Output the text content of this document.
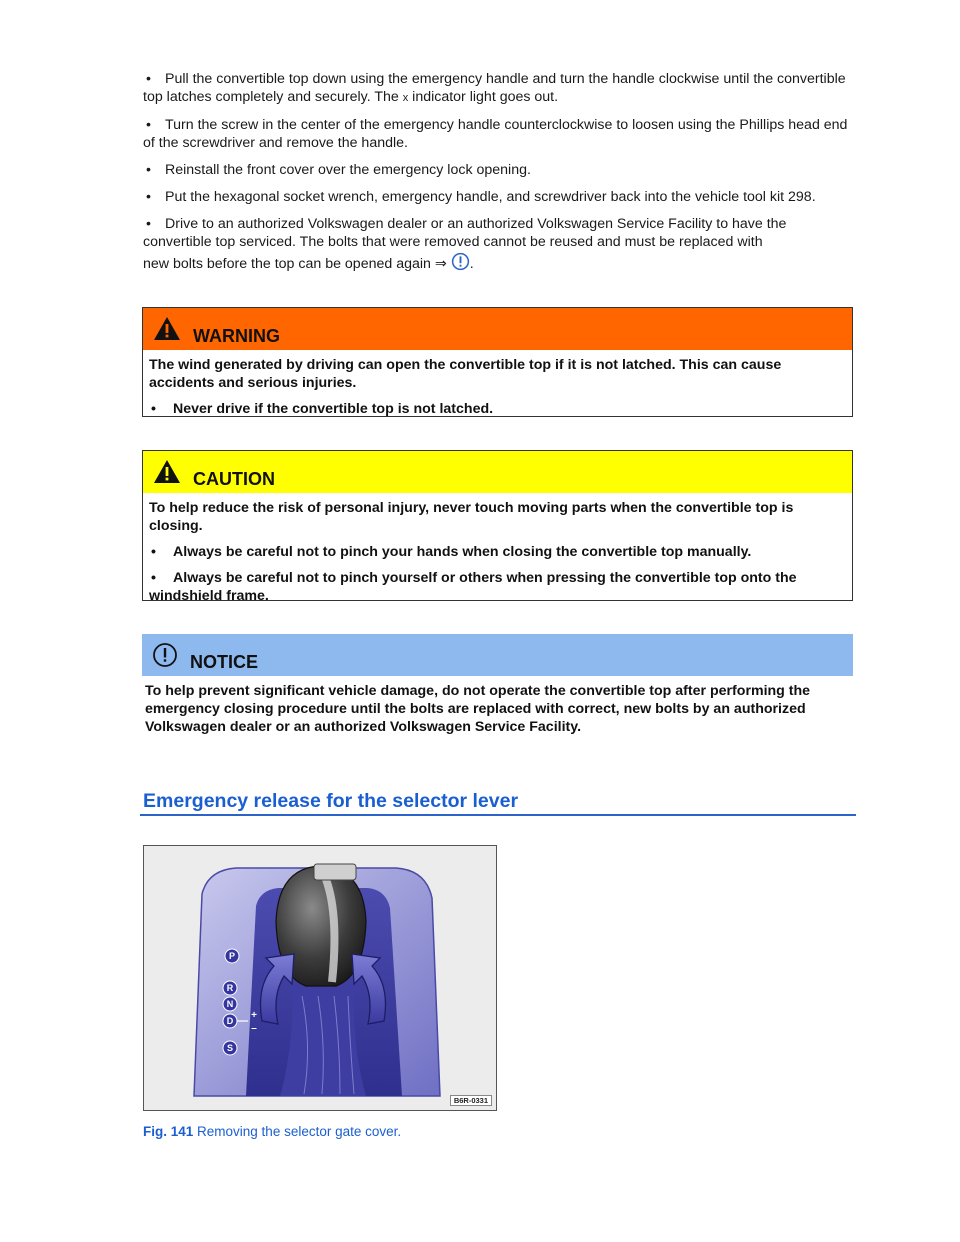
• Pull the convertible top down using the emergency handle and turn the handle clockwise until the convertible top latches completely and securely. The x indicator light goes out.
• Turn the screw in the center of the emergency handle counterclockwise to loosen using the Phillips head end of the screwdriver and remove the handle.
• Reinstall the front cover over the emergency lock opening.
• Put the hexagonal socket wrench, emergency handle, and screwdriver back into the vehicle tool kit 298.
• Drive to an authorized Volkswagen dealer or an authorized Volkswagen Service Facility to have the convertible top serviced. The bolts that were removed cannot be reused and must be replaced with
new bolts before the top can be opened again ⇒ .
WARNING

The wind generated by driving can open the convertible top if it is not latched. This can cause accidents and serious injuries.

• Never drive if the convertible top is not latched.
CAUTION

To help reduce the risk of personal injury, never touch moving parts when the convertible top is closing.

• Always be careful not to pinch your hands when closing the convertible top manually.
• Always be careful not to pinch yourself or others when pressing the convertible top onto the windshield frame.
NOTICE

To help prevent significant vehicle damage, do not operate the convertible top after performing the emergency closing procedure until the bolts are replaced with correct, new bolts by an authorized Volkswagen dealer or an authorized Volkswagen Service Facility.

Emergency release for the selector lever
P
R
N
D
S
+
–
B6R-0331
Fig. 141 Removing the selector gate cover.
